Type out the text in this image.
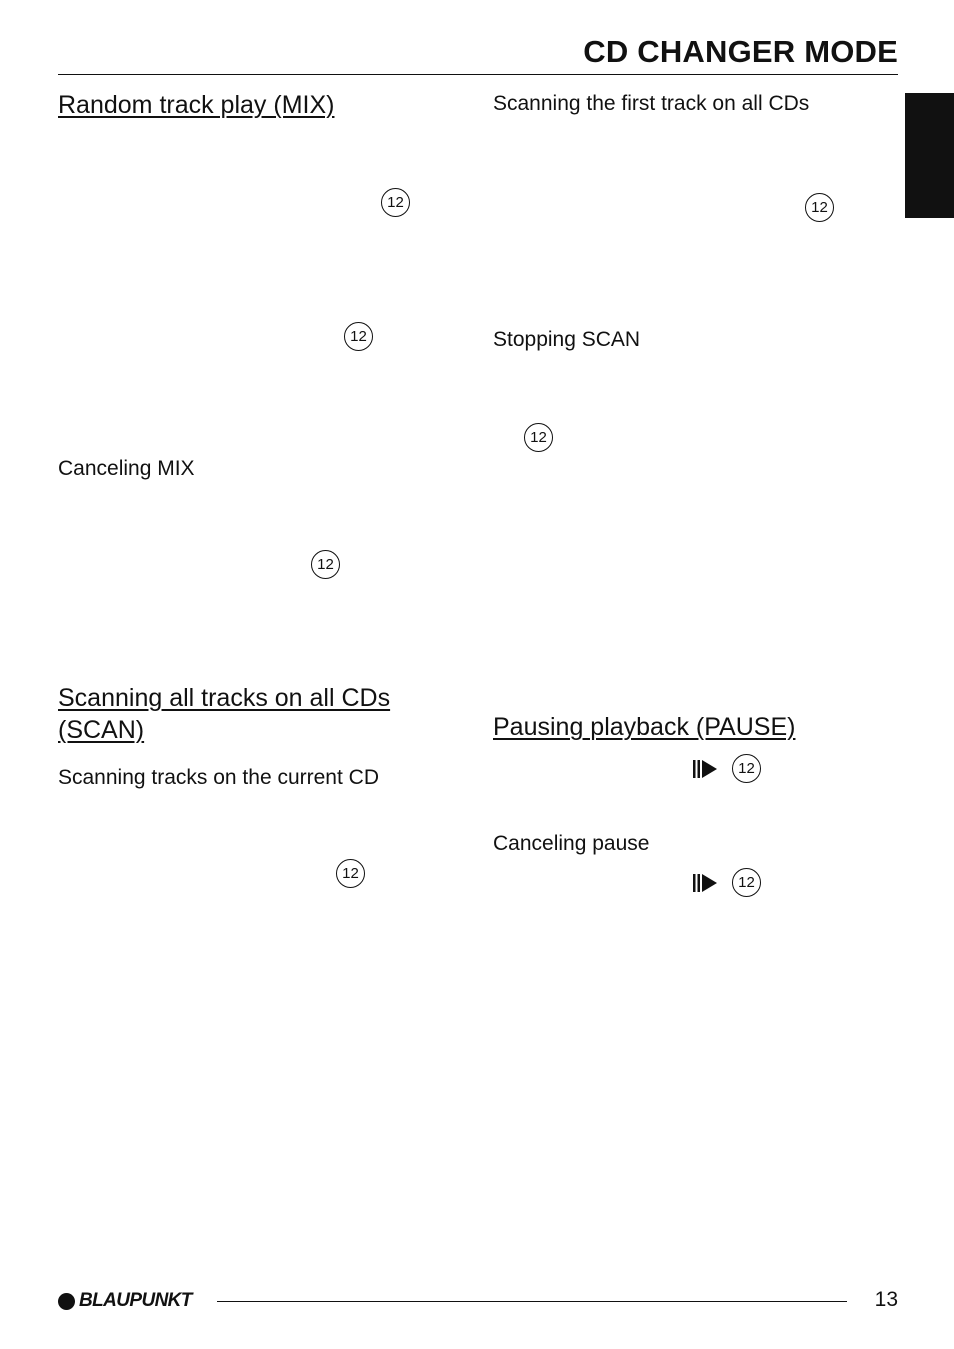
CD CHANGER MODE
Random track play (MIX)
12
12
Canceling MIX
12
Scanning all tracks on all CDs
(SCAN)
Scanning tracks on the current CD
12
Scanning the first track on all CDs
12
Stopping SCAN
12
Pausing playback (PAUSE)
12
Canceling pause
12
BLAUPUNKT	13
